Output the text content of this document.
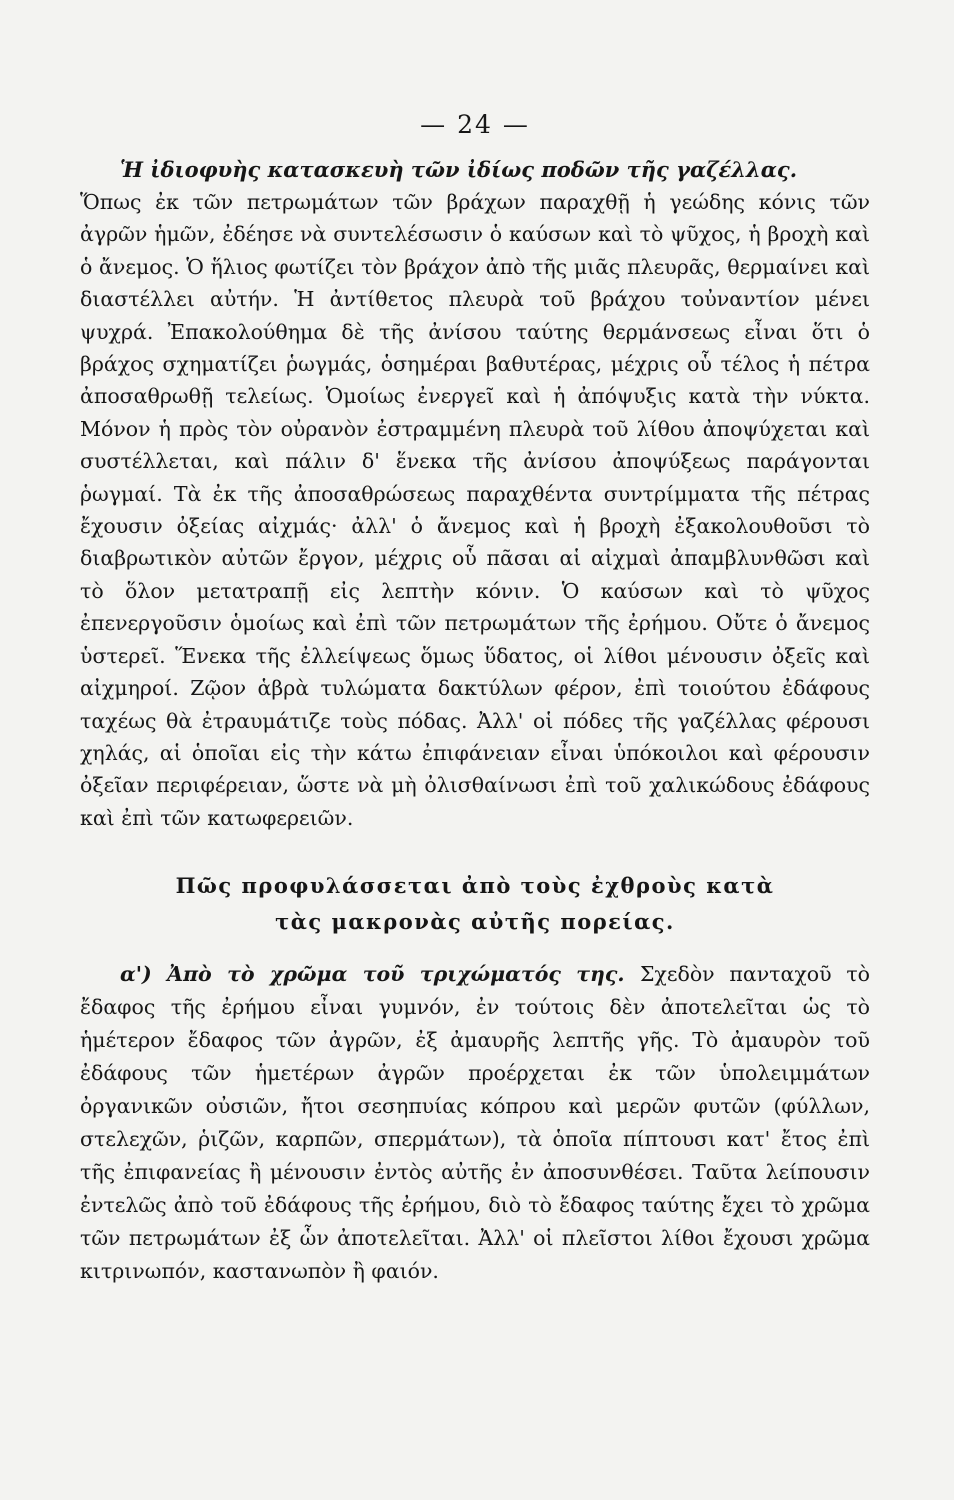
— 24 —
Ἡ ἰδιοφυὴς κατασκευὴ τῶν ἰδίως ποδῶν τῆς γαζέλλας.

Ὅπως ἐκ τῶν πετρωμάτων τῶν βράχων παραχθῇ ἡ γεώδης κόνις τῶν ἀγρῶν ἡμῶν, ἐδέησε νὰ συντελέσωσιν ὁ καύσων καὶ τὸ ψῦχος, ἡ βροχὴ καὶ ὁ ἄνεμος. Ὁ ἥλιος φωτίζει τὸν βράχον ἀπὸ τῆς μιᾶς πλευρᾶς, θερμαίνει καὶ διαστέλλει αὐτήν. Ἡ ἀντίθετος πλευρὰ τοῦ βράχου τοὐναντίον μένει ψυχρά. Ἐπακολούθημα δὲ τῆς ἀνίσου ταύτης θερμάνσεως εἶναι ὅτι ὁ βράχος σχηματίζει ῥωγμάς, ὁσημέραι βαθυτέρας, μέχρις οὗ τέλος ἡ πέτρα ἀποσαθρωθῇ τελείως. Ὁμοίως ἐνεργεῖ καὶ ἡ ἀπόψυξις κατὰ τὴν νύκτα. Μόνον ἡ πρὸς τὸν οὐρανὸν ἐστραμμένη πλευρὰ τοῦ λίθου ἀποψύχεται καὶ συστέλλεται, καὶ πάλιν δ' ἕνεκα τῆς ἀνίσου ἀποψύξεως παράγονται ῥωγμαί. Τὰ ἐκ τῆς ἀποσαθρώσεως παραχθέντα συντρίμματα τῆς πέτρας ἔχουσιν ὀξείας αἰχμάς· ἀλλ' ὁ ἄνεμος καὶ ἡ βροχὴ ἐξακολουθοῦσι τὸ διαβρωτικὸν αὐτῶν ἔργον, μέχρις οὗ πᾶσαι αἱ αἰχμαὶ ἀπαμβλυνθῶσι καὶ τὸ ὅλον μετατραπῇ εἰς λεπτὴν κόνιν. Ὁ καύσων καὶ τὸ ψῦχος ἐπενεργοῦσιν ὁμοίως καὶ ἐπὶ τῶν πετρωμάτων τῆς ἐρήμου. Οὔτε ὁ ἄνεμος ὑστερεῖ. Ἕνεκα τῆς ἐλλείψεως ὅμως ὕδατος, οἱ λίθοι μένουσιν ὀξεῖς καὶ αἰχμηροί. Ζῷον ἁβρὰ τυλώματα δακτύλων φέρον, ἐπὶ τοιούτου ἐδάφους ταχέως θὰ ἐτραυμάτιζε τοὺς πόδας. Ἀλλ' οἱ πόδες τῆς γαζέλλας φέρουσι χηλάς, αἱ ὁποῖαι εἰς τὴν κάτω ἐπιφάνειαν εἶναι ὑπόκοιλοι καὶ φέρουσιν ὀξεῖαν περιφέρειαν, ὥστε νὰ μὴ ὀλισθαίνωσι ἐπὶ τοῦ χαλικώδους ἐδάφους καὶ ἐπὶ τῶν κατωφερειῶν.

Πῶς προφυλάσσεται ἀπὸ τοὺς ἐχθροὺς κατὰ
τὰς μακρονὰς αὐτῆς πορείας.

α') Ἀπὸ τὸ χρῶμα τοῦ τριχώματός της. Σχεδὸν πανταχοῦ τὸ ἔδαφος τῆς ἐρήμου εἶναι γυμνόν, ἐν τούτοις δὲν ἀποτελεῖται ὡς τὸ ἡμέτερον ἔδαφος τῶν ἀγρῶν, ἐξ ἀμαυρῆς λεπτῆς γῆς. Τὸ ἀμαυρὸν τοῦ ἐδάφους τῶν ἡμετέρων ἀγρῶν προέρχεται ἐκ τῶν ὑπολειμμάτων ὀργανικῶν οὐσιῶν, ἤτοι σεσηπυίας κόπρου καὶ μερῶν φυτῶν (φύλλων, στελεχῶν, ῥιζῶν, καρπῶν, σπερμάτων), τὰ ὁποῖα πίπτουσι κατ' ἔτος ἐπὶ τῆς ἐπιφανείας ἢ μένουσιν ἐντὸς αὐτῆς ἐν ἀποσυνθέσει. Ταῦτα λείπουσιν ἐντελῶς ἀπὸ τοῦ ἐδάφους τῆς ἐρήμου, διὸ τὸ ἔδαφος ταύτης ἔχει τὸ χρῶμα τῶν πετρωμάτων ἐξ ὧν ἀποτελεῖται. Ἀλλ' οἱ πλεῖστοι λίθοι ἔχουσι χρῶμα κιτρινωπόν, καστανωπὸν ἢ φαιόν.
